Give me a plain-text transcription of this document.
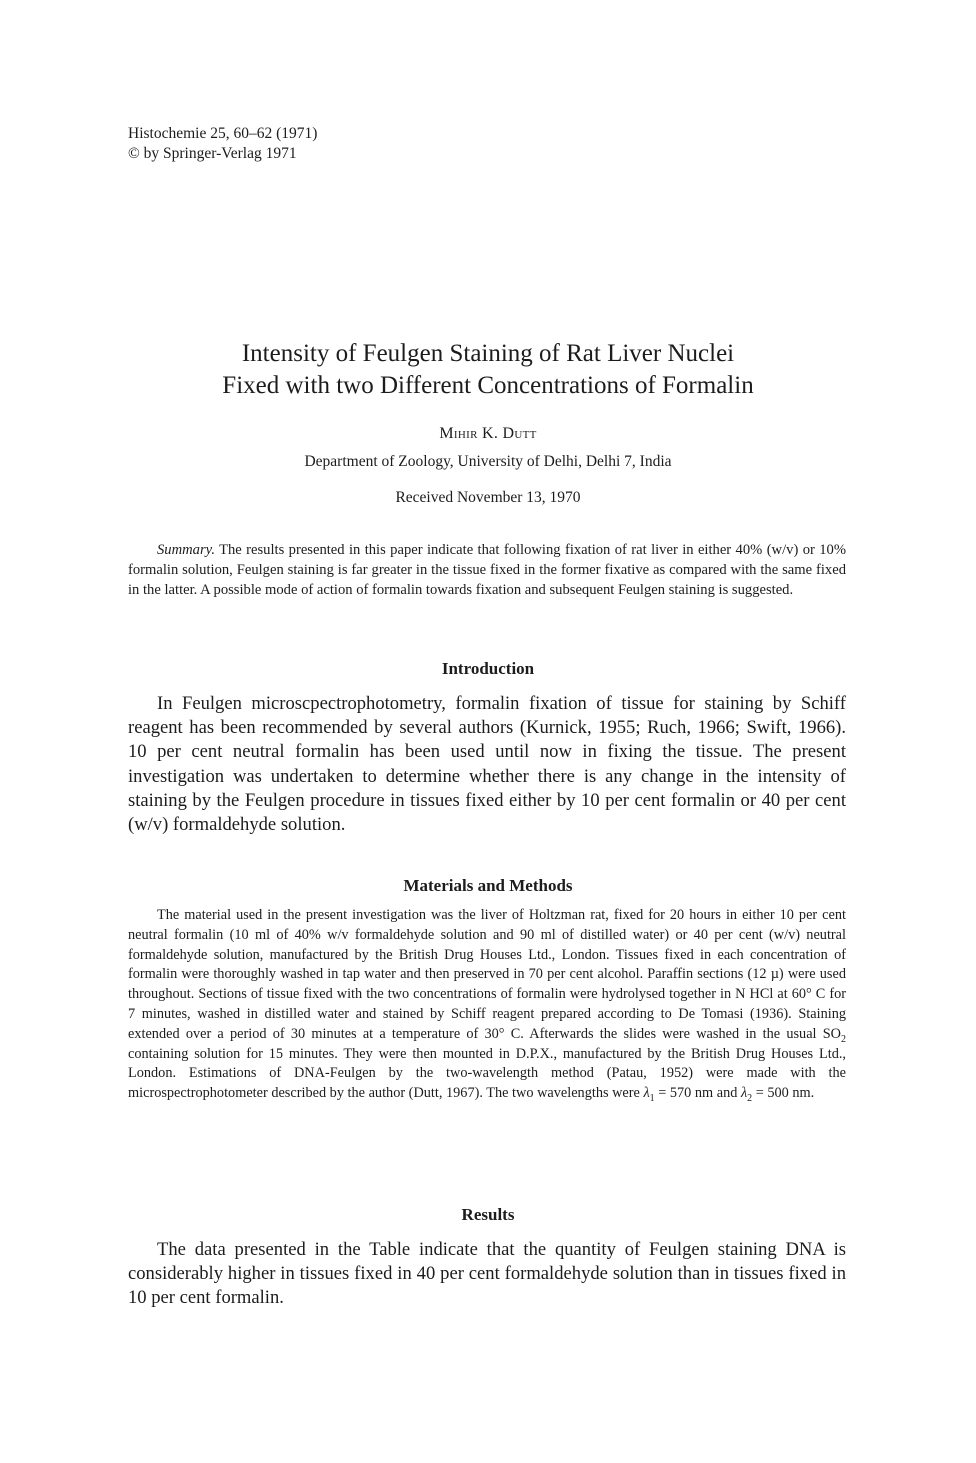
Histochemie 25, 60–62 (1971)
© by Springer-Verlag 1971
Intensity of Feulgen Staining of Rat Liver Nuclei
Fixed with two Different Concentrations of Formalin
Mihir K. Dutt
Department of Zoology, University of Delhi, Delhi 7, India
Received November 13, 1970
Summary. The results presented in this paper indicate that following fixation of rat liver in either 40% (w/v) or 10% formalin solution, Feulgen staining is far greater in the tissue fixed in the former fixative as compared with the same fixed in the latter. A possible mode of action of formalin towards fixation and subsequent Feulgen staining is suggested.
Introduction
In Feulgen microscpectrophotometry, formalin fixation of tissue for staining by Schiff reagent has been recommended by several authors (Kurnick, 1955; Ruch, 1966; Swift, 1966). 10 per cent neutral formalin has been used until now in fixing the tissue. The present investigation was undertaken to determine whether there is any change in the intensity of staining by the Feulgen procedure in tissues fixed either by 10 per cent formalin or 40 per cent (w/v) formaldehyde solution.
Materials and Methods
The material used in the present investigation was the liver of Holtzman rat, fixed for 20 hours in either 10 per cent neutral formalin (10 ml of 40% w/v formaldehyde solution and 90 ml of distilled water) or 40 per cent (w/v) neutral formaldehyde solution, manufactured by the British Drug Houses Ltd., London. Tissues fixed in each concentration of formalin were thoroughly washed in tap water and then preserved in 70 per cent alcohol. Paraffin sections (12 µ) were used throughout. Sections of tissue fixed with the two concentrations of formalin were hydrolysed together in N HCl at 60° C for 7 minutes, washed in distilled water and stained by Schiff reagent prepared according to De Tomasi (1936). Staining extended over a period of 30 minutes at a temperature of 30° C. Afterwards the slides were washed in the usual $SO_2$ containing solution for 15 minutes. They were then mounted in D.P.X., manufactured by the British Drug Houses Ltd., London. Estimations of DNA-Feulgen by the two-wavelength method (Patau, 1952) were made with the microspectrophotometer described by the author (Dutt, 1967). The two wavelengths were $\lambda_1 = 570$ nm and $\lambda_2 = 500$ nm.
Results
The data presented in the Table indicate that the quantity of Feulgen staining DNA is considerably higher in tissues fixed in 40 per cent formaldehyde solution than in tissues fixed in 10 per cent formalin.
